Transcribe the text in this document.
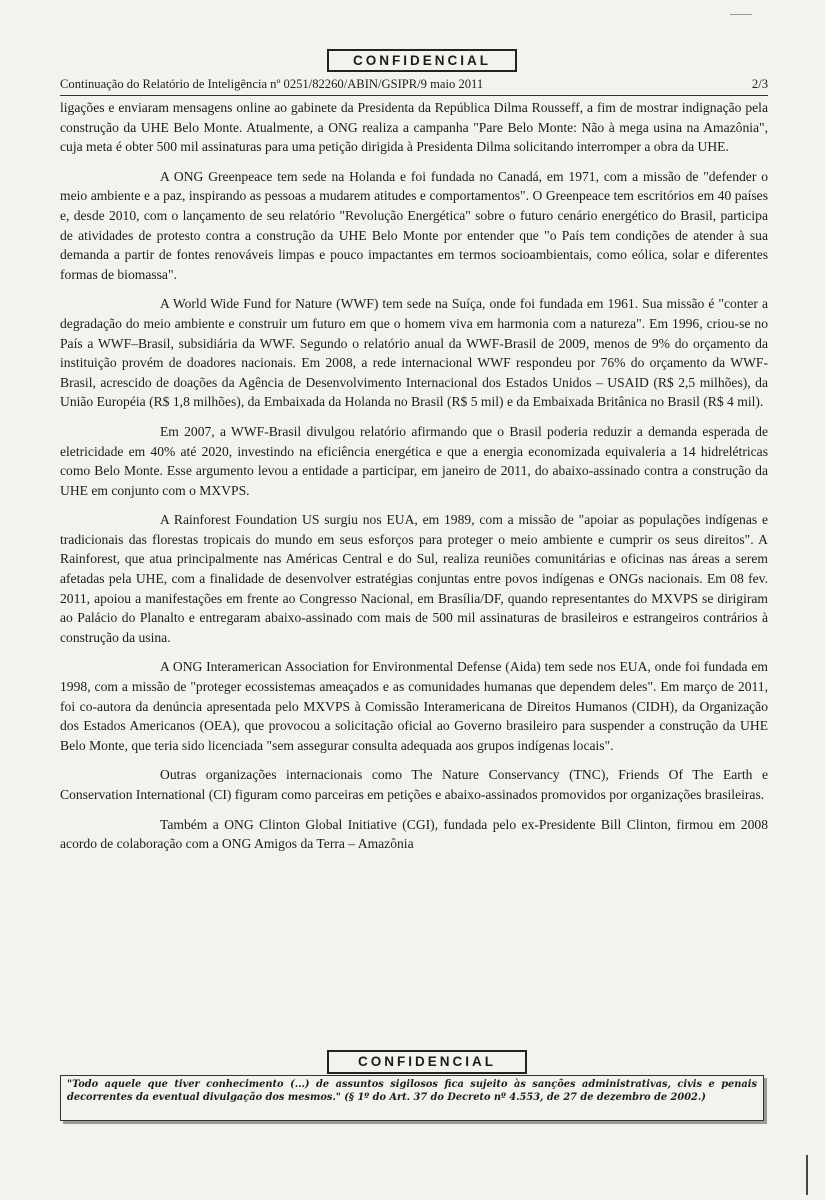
CONFIDENCIAL
Continuação do Relatório de Inteligência nº 0251/82260/ABIN/GSIPR/9 maio 2011	2/3

ligações e enviaram mensagens online ao gabinete da Presidenta da República Dilma Rousseff, a fim de mostrar indignação pela construção da UHE Belo Monte. Atualmente, a ONG realiza a campanha "Pare Belo Monte: Não à mega usina na Amazônia", cuja meta é obter 500 mil assinaturas para uma petição dirigida à Presidenta Dilma solicitando interromper a obra da UHE.

A ONG Greenpeace tem sede na Holanda e foi fundada no Canadá, em 1971, com a missão de "defender o meio ambiente e a paz, inspirando as pessoas a mudarem atitudes e comportamentos". O Greenpeace tem escritórios em 40 países e, desde 2010, com o lançamento de seu relatório "Revolução Energética" sobre o futuro cenário energético do Brasil, participa de atividades de protesto contra a construção da UHE Belo Monte por entender que "o País tem condições de atender à sua demanda a partir de fontes renováveis limpas e pouco impactantes em termos socioambientais, como eólica, solar e diferentes formas de biomassa".

A World Wide Fund for Nature (WWF) tem sede na Suíça, onde foi fundada em 1961. Sua missão é "conter a degradação do meio ambiente e construir um futuro em que o homem viva em harmonia com a natureza". Em 1996, criou-se no País a WWF–Brasil, subsidiária da WWF. Segundo o relatório anual da WWF-Brasil de 2009, menos de 9% do orçamento da instituição provém de doadores nacionais. Em 2008, a rede internacional WWF respondeu por 76% do orçamento da WWF-Brasil, acrescido de doações da Agência de Desenvolvimento Internacional dos Estados Unidos – USAID (R$ 2,5 milhões), da União Européia (R$ 1,8 milhões), da Embaixada da Holanda no Brasil (R$ 5 mil) e da Embaixada Britânica no Brasil (R$ 4 mil).

Em 2007, a WWF-Brasil divulgou relatório afirmando que o Brasil poderia reduzir a demanda esperada de eletricidade em 40% até 2020, investindo na eficiência energética e que a energia economizada equivaleria a 14 hidrelétricas como Belo Monte. Esse argumento levou a entidade a participar, em janeiro de 2011, do abaixo-assinado contra a construção da UHE em conjunto com o MXVPS.

A Rainforest Foundation US surgiu nos EUA, em 1989, com a missão de "apoiar as populações indígenas e tradicionais das florestas tropicais do mundo em seus esforços para proteger o meio ambiente e cumprir os seus direitos". A Rainforest, que atua principalmente nas Américas Central e do Sul, realiza reuniões comunitárias e oficinas nas áreas a serem afetadas pela UHE, com a finalidade de desenvolver estratégias conjuntas entre povos indígenas e ONGs nacionais. Em 08 fev. 2011, apoiou a manifestações em frente ao Congresso Nacional, em Brasília/DF, quando representantes do MXVPS se dirigiram ao Palácio do Planalto e entregaram abaixo-assinado com mais de 500 mil assinaturas de brasileiros e estrangeiros contrários à construção da usina.

A ONG Interamerican Association for Environmental Defense (Aida) tem sede nos EUA, onde foi fundada em 1998, com a missão de "proteger ecossistemas ameaçados e as comunidades humanas que dependem deles". Em março de 2011, foi co-autora da denúncia apresentada pelo MXVPS à Comissão Interamericana de Direitos Humanos (CIDH), da Organização dos Estados Americanos (OEA), que provocou a solicitação oficial ao Governo brasileiro para suspender a construção da UHE Belo Monte, que teria sido licenciada "sem assegurar consulta adequada aos grupos indígenas locais".

Outras organizações internacionais como The Nature Conservancy (TNC), Friends Of The Earth e Conservation International (CI) figuram como parceiras em petições e abaixo-assinados promovidos por organizações brasileiras.

Também a ONG Clinton Global Initiative (CGI), fundada pelo ex-Presidente Bill Clinton, firmou em 2008 acordo de colaboração com a ONG Amigos da Terra – Amazônia

CONFIDENCIAL
"Todo aquele que tiver conhecimento (...) de assuntos sigilosos fica sujeito às sanções administrativas, civis e penais decorrentes da eventual divulgação dos mesmos." (§ 1º do Art. 37 do Decreto nº 4.553, de 27 de dezembro de 2002.)
